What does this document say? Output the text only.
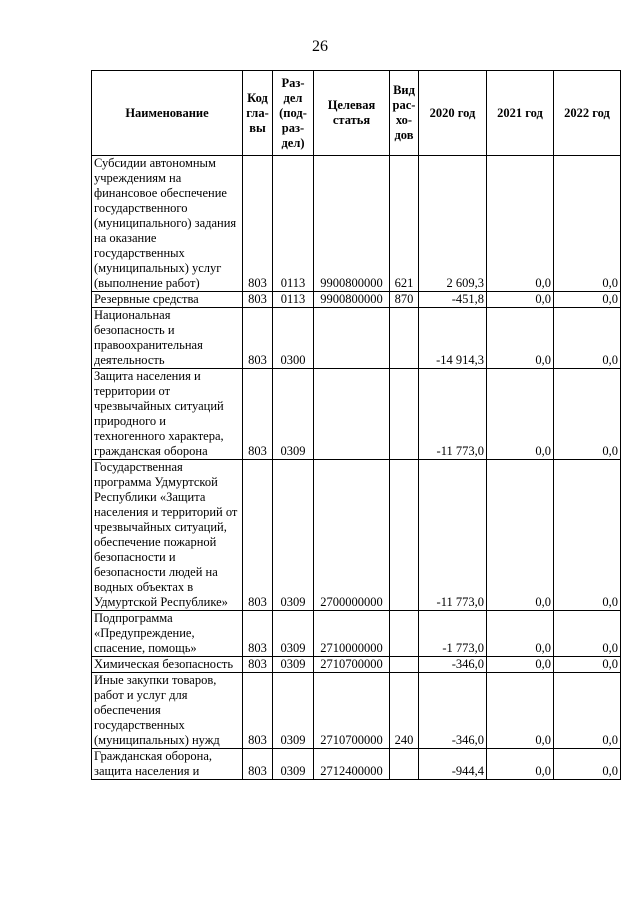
26
Наименование	Код гла- вы	Раз- дел (под- раз- дел)	Целевая статья	Вид рас- хо- дов	2020 год	2021 год	2022 год
Субсидии автономным учреждениям на финансовое обеспечение государственного (муниципального) задания на оказание государственных (муниципальных) услуг (выполнение работ)	803	0113	9900800000	621	2 609,3	0,0	0,0
Резервные средства	803	0113	9900800000	870	-451,8	0,0	0,0
Национальная безопасность и правоохранительная деятельность	803	0300			-14 914,3	0,0	0,0
Защита населения и территории от чрезвычайных ситуаций природного и техногенного характера, гражданская оборона	803	0309			-11 773,0	0,0	0,0
Государственная программа Удмуртской Республики «Защита населения и территорий от чрезвычайных ситуаций, обеспечение пожарной безопасности и безопасности людей на водных объектах в Удмуртской Республике»	803	0309	2700000000		-11 773,0	0,0	0,0
Подпрограмма «Предупреждение, спасение, помощь»	803	0309	2710000000		-1 773,0	0,0	0,0
Химическая безопасность	803	0309	2710700000		-346,0	0,0	0,0
Иные закупки товаров, работ и услуг для обеспечения государственных (муниципальных) нужд	803	0309	2710700000	240	-346,0	0,0	0,0
Гражданская оборона, защита населения и	803	0309	2712400000		-944,4	0,0	0,0
